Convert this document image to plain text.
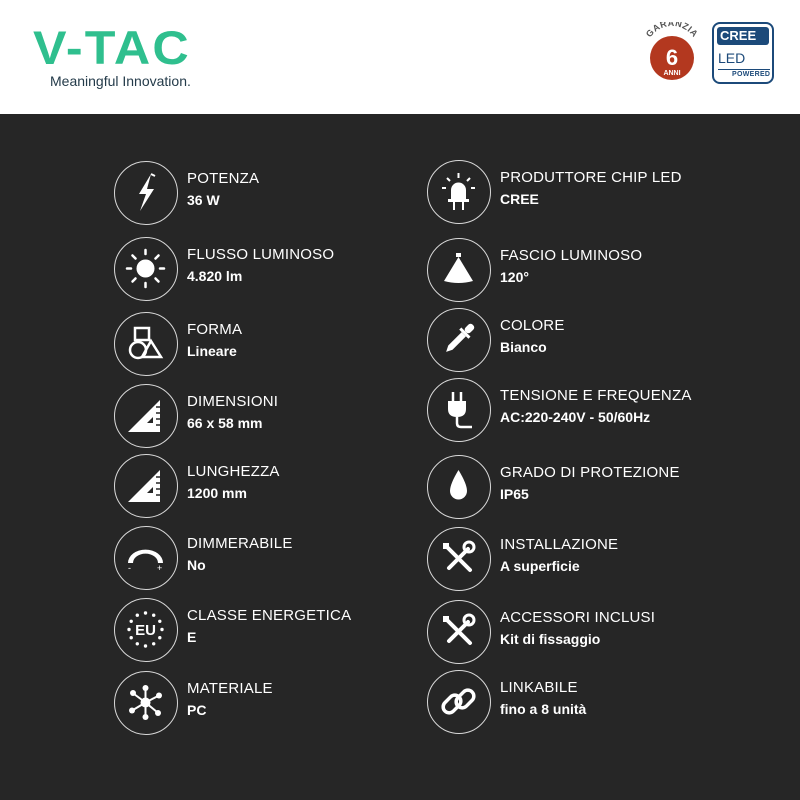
V-TAC
Meaningful Innovation.
GARANZIA
6
ANNI
CREE
LED
POWERED
POTENZA
36 W
FLUSSO LUMINOSO
4.820 lm
FORMA
Lineare
DIMENSIONI
66 x 58 mm
LUNGHEZZA
1200 mm
-	+
DIMMERABILE
No
EU
CLASSE ENERGETICA
E
MATERIALE
PC
PRODUTTORE CHIP LED
CREE
FASCIO LUMINOSO
120°
COLORE
Bianco
TENSIONE E FREQUENZA
AC:220-240V - 50/60Hz
GRADO DI PROTEZIONE
IP65
INSTALLAZIONE
A superficie
ACCESSORI INCLUSI
Kit di fissaggio
LINKABILE
fino a 8 unità
